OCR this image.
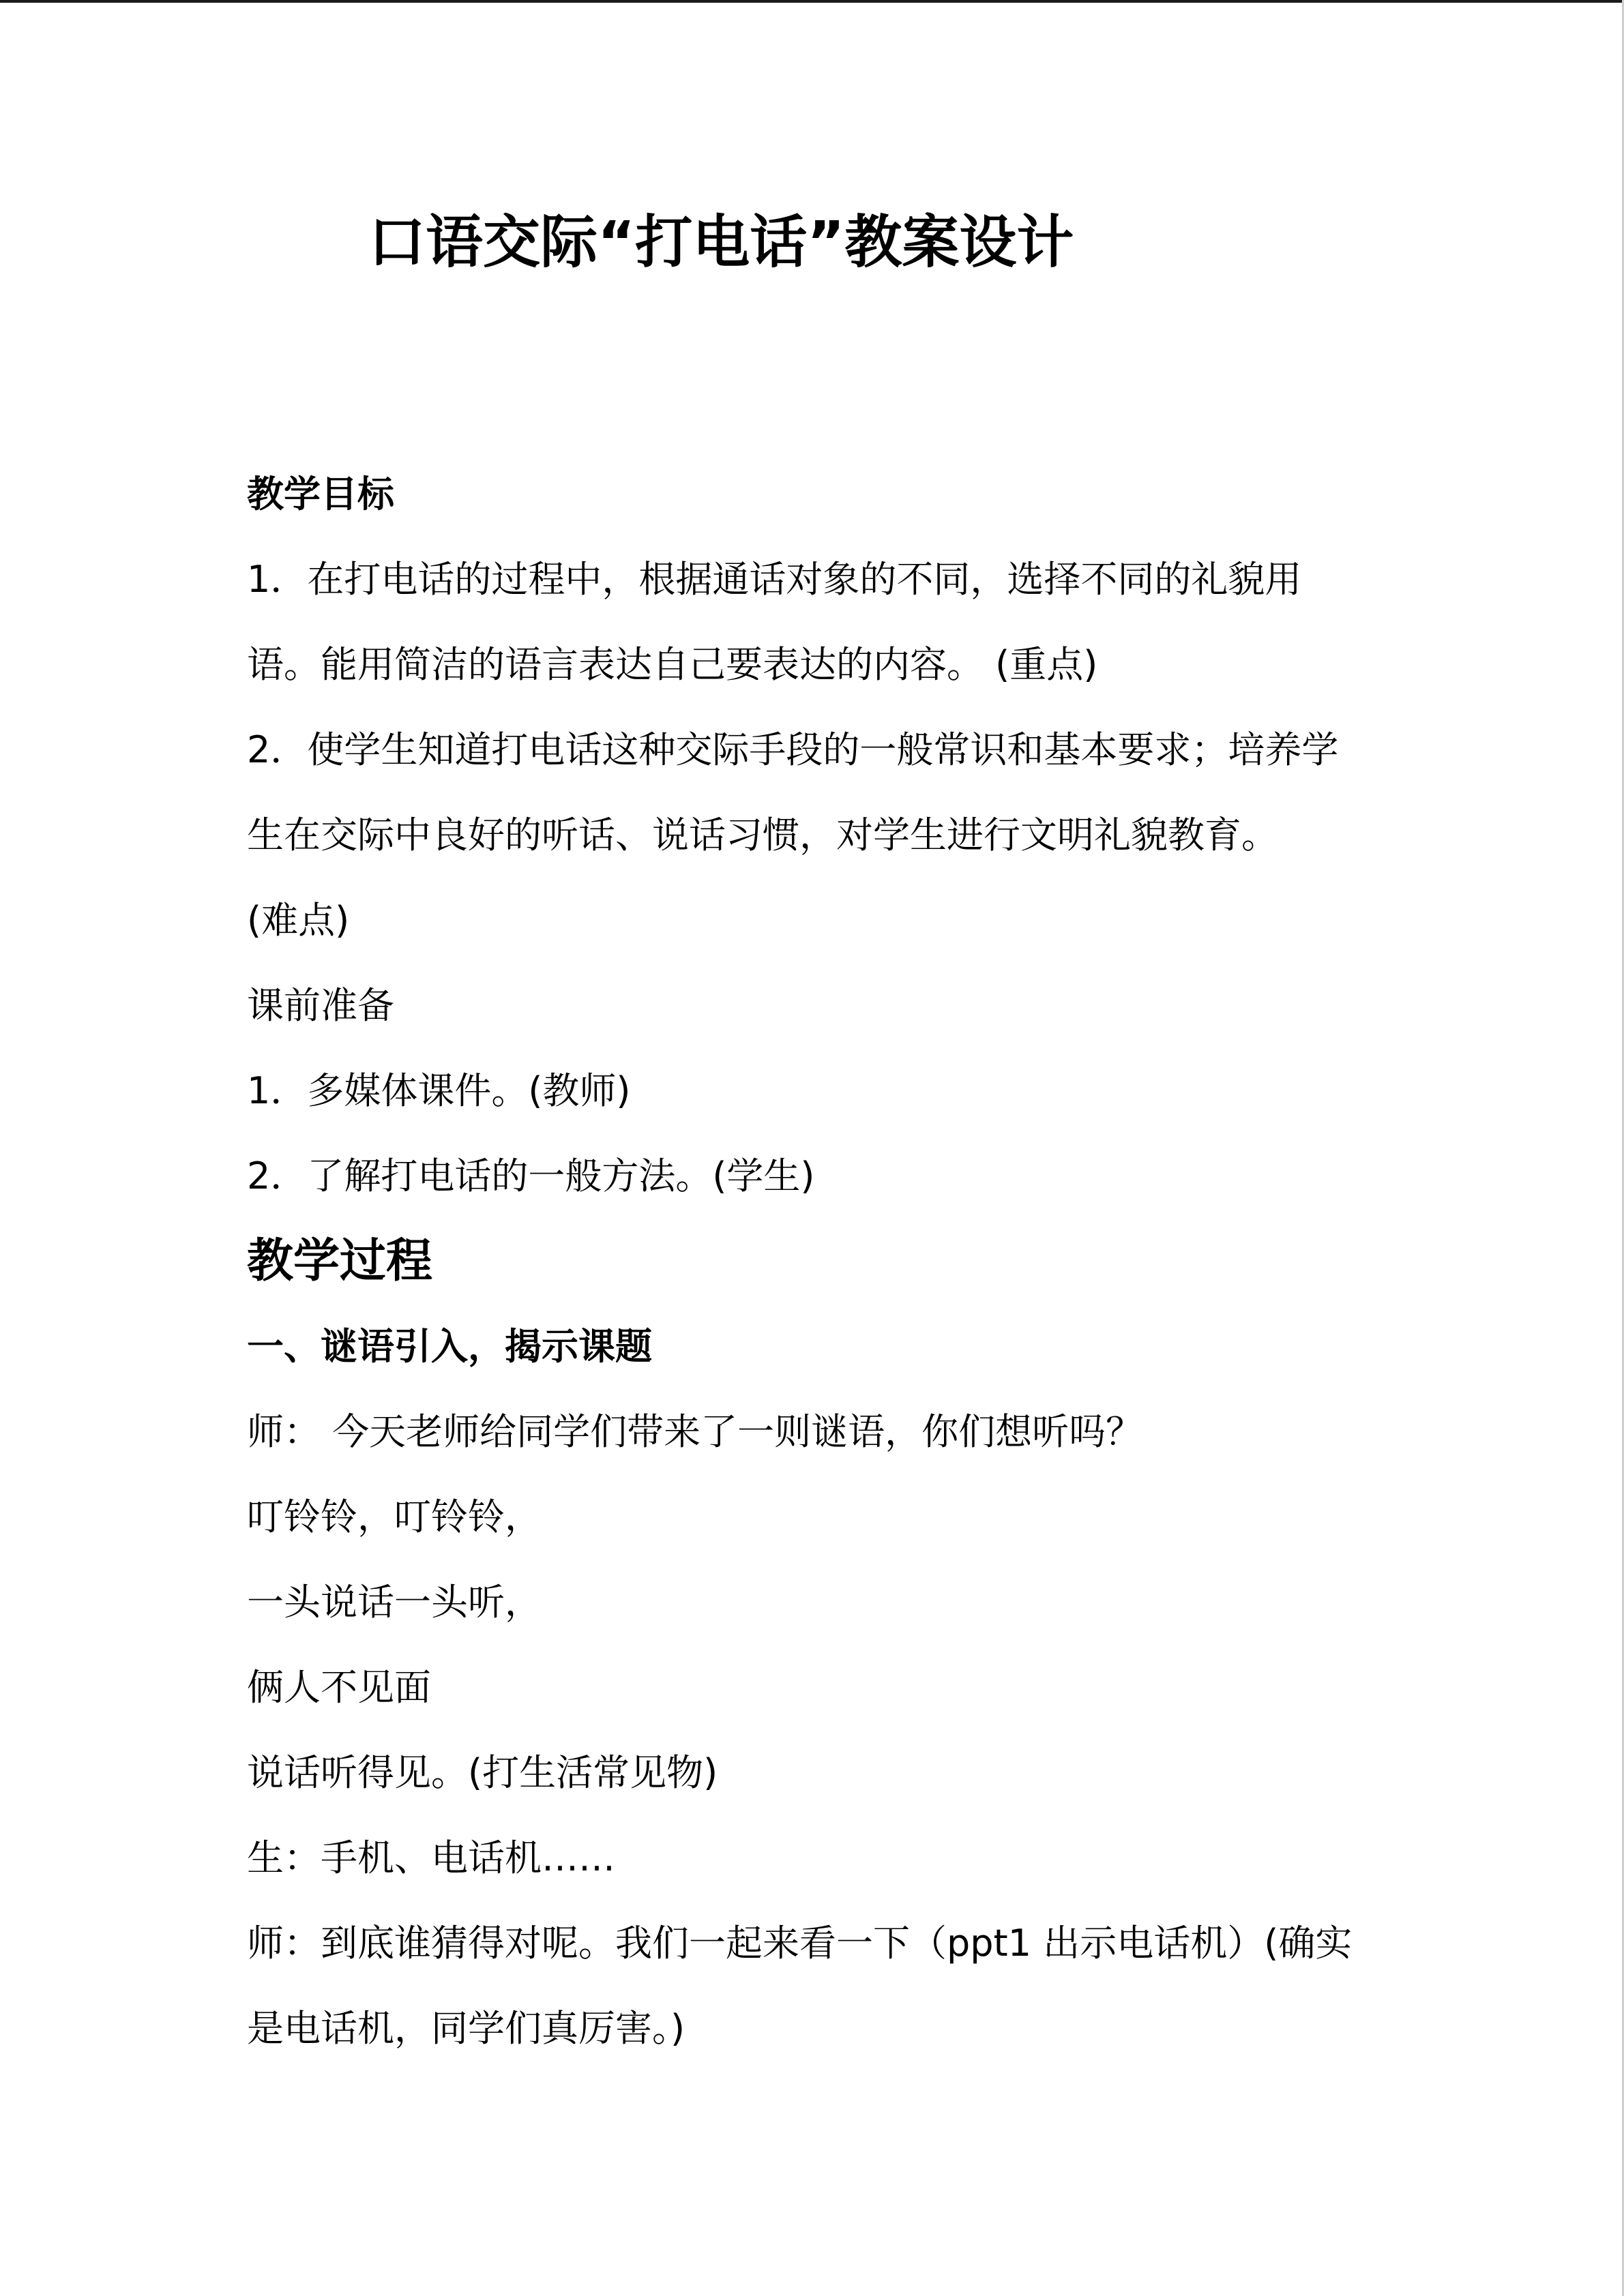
口语交际“打电话”教案设计
教学目标
1．在打电话的过程中，根据通话对象的不同，选择不同的礼貌用
语。能用简洁的语言表达自己要表达的内容。 (重点)
2．使学生知道打电话这种交际手段的一般常识和基本要求；培养学
生在交际中良好的听话、说话习惯，对学生进行文明礼貌教育。
(难点)
课前准备
1．多媒体课件。(教师)
2．了解打电话的一般方法。(学生)
教学过程
一、谜语引入，揭示课题
师： 今天老师给同学们带来了一则谜语，你们想听吗？
叮铃铃，叮铃铃，
一头说话一头听，
俩人不见面
说话听得见。(打生活常见物)
生：手机、电话机……
师：到底谁猜得对呢。我们一起来看一下（ppt1 出示电话机）(确实
是电话机，同学们真厉害。)
